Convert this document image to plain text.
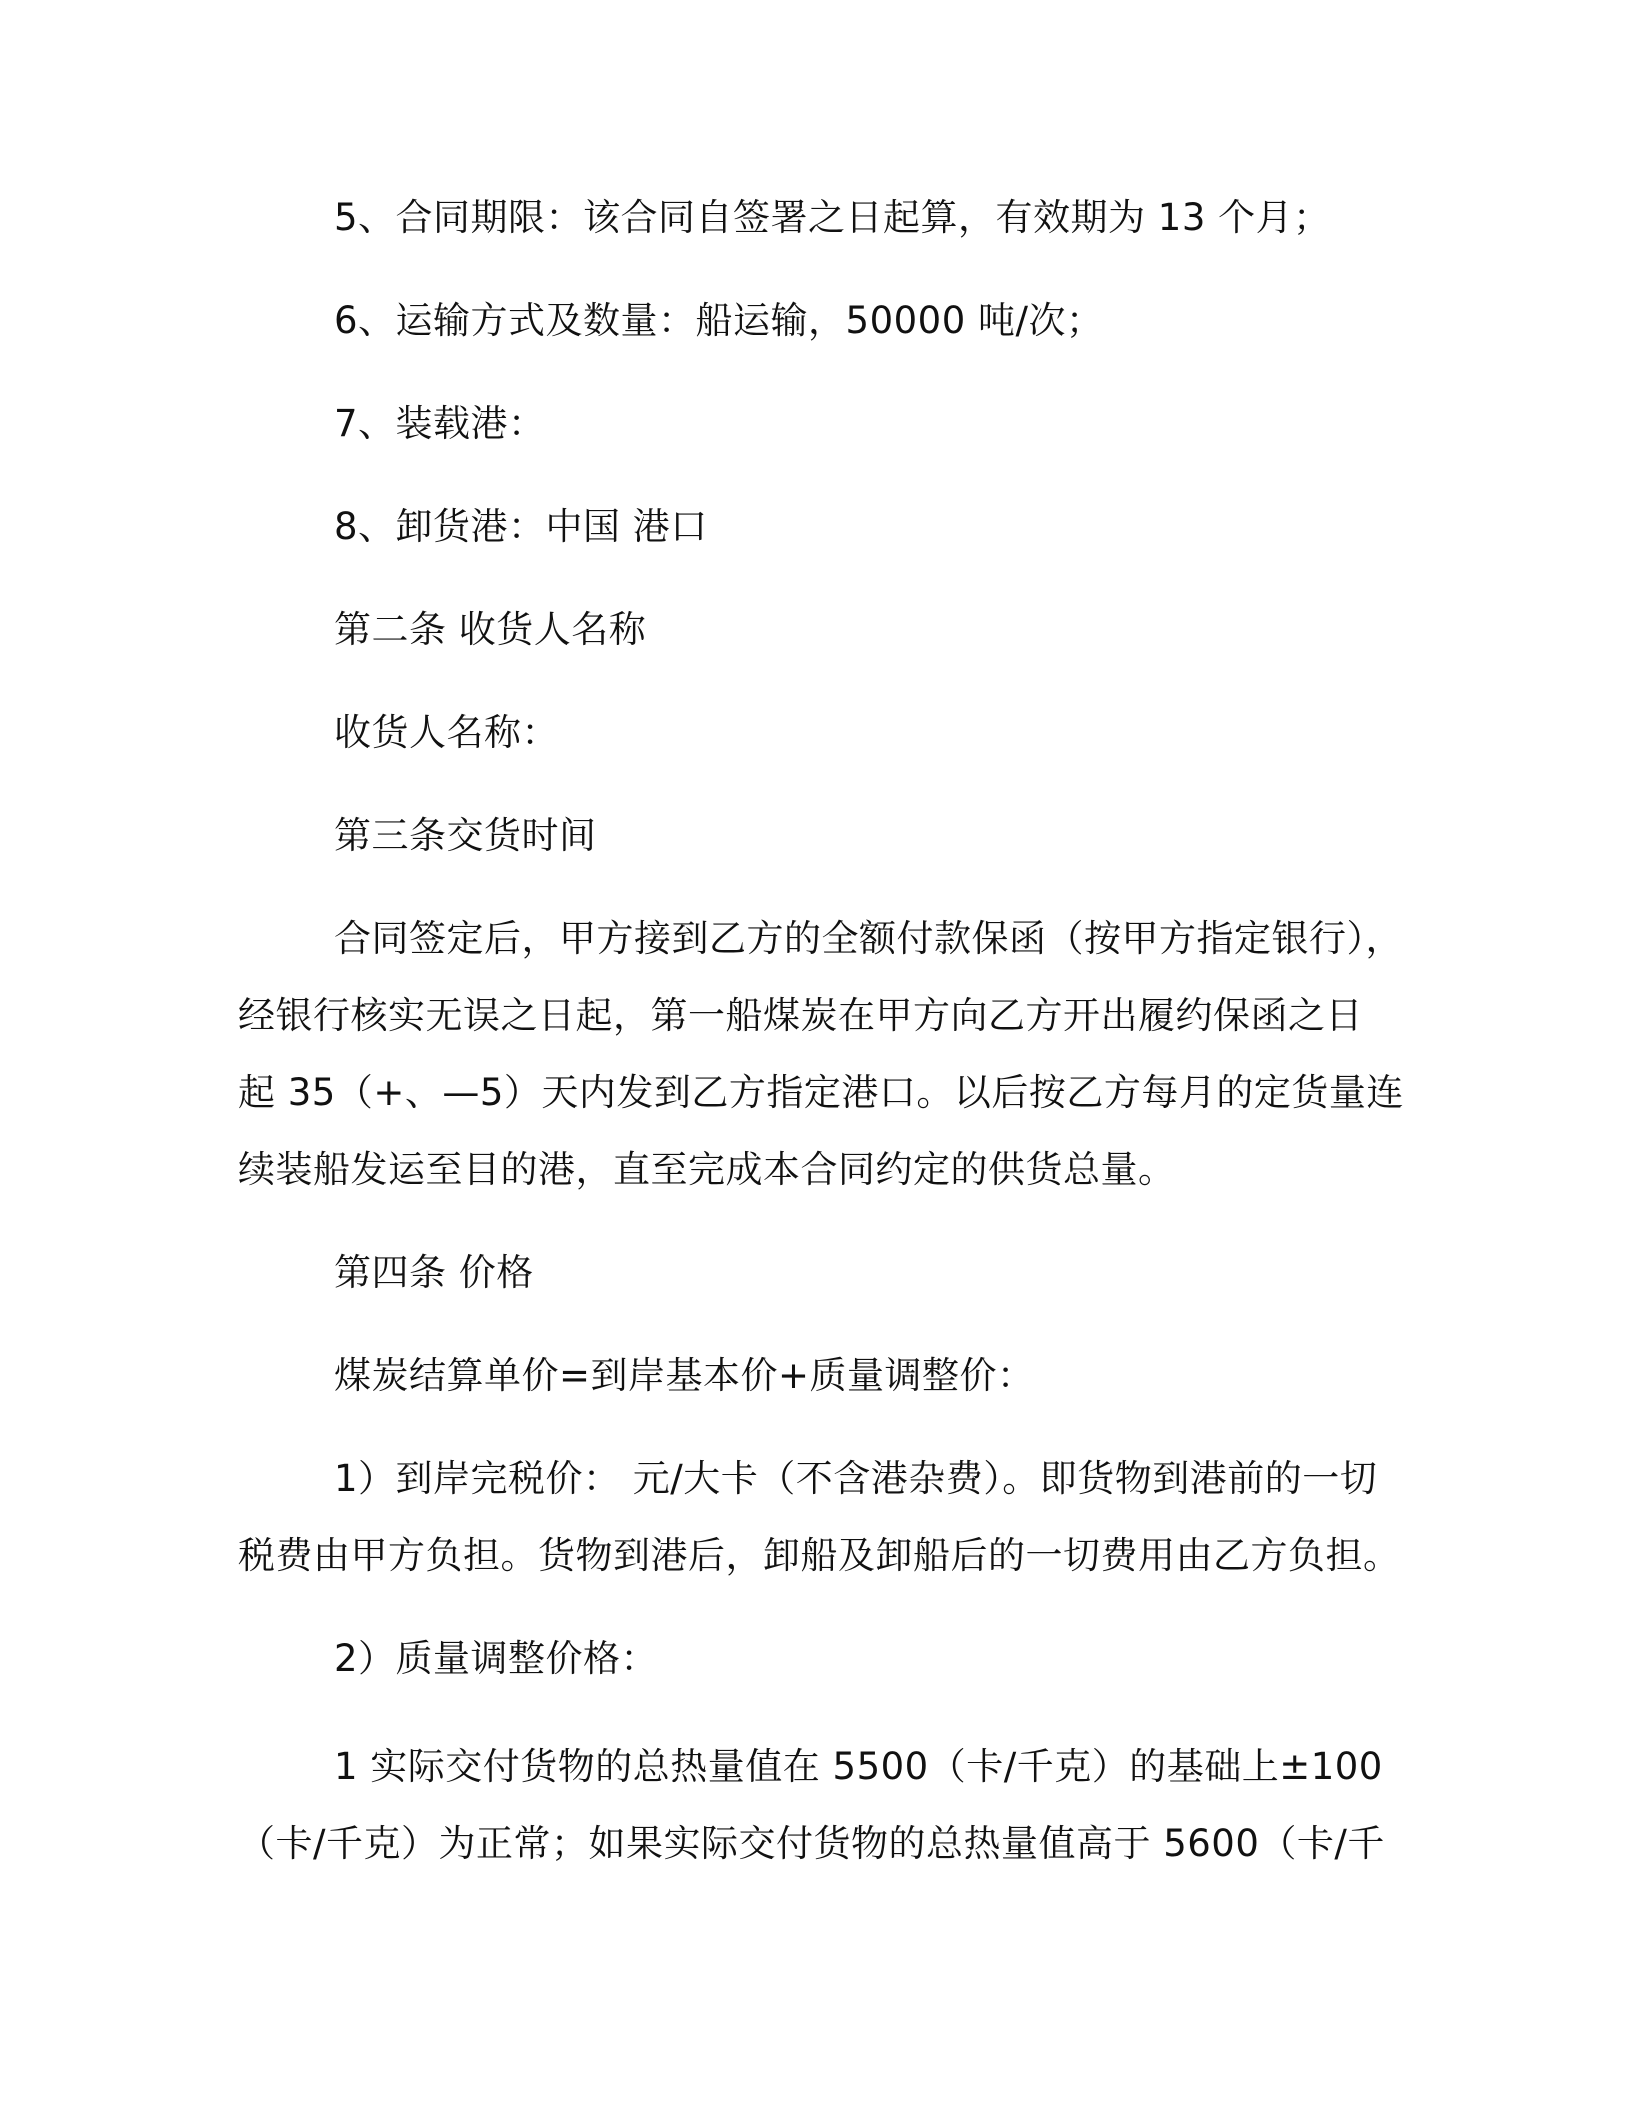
5、合同期限：该合同自签署之日起算，有效期为 13 个月；

6、运输方式及数量：船运输，50000 吨/次；

7、装载港：

8、卸货港：中国 港口

第二条 收货人名称

收货人名称：

第三条交货时间

合同签定后，甲方接到乙方的全额付款保函（按甲方指定银行），

经银行核实无误之日起，第一船煤炭在甲方向乙方开出履约保函之日

起 35（+、—5）天内发到乙方指定港口。以后按乙方每月的定货量连

续装船发运至目的港，直至完成本合同约定的供货总量。

第四条 价格

煤炭结算单价=到岸基本价+质量调整价：

1）到岸完税价： 元/大卡（不含港杂费）。即货物到港前的一切

税费由甲方负担。货物到港后，卸船及卸船后的一切费用由乙方负担。

2）质量调整价格：

1 实际交付货物的总热量值在 5500（卡/千克）的基础上±100

（卡/千克）为正常；如果实际交付货物的总热量值高于 5600（卡/千
